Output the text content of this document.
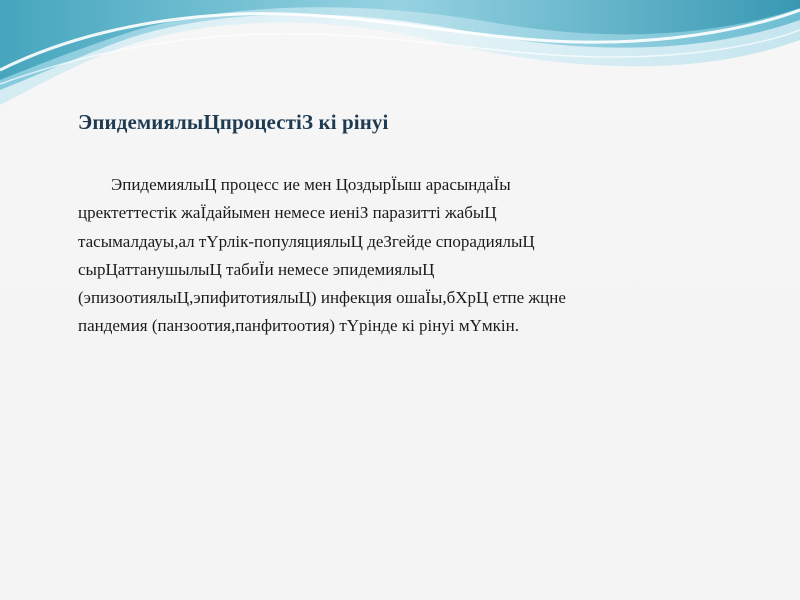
ЭпидемиялыЦпроцестiЗ кi рiнуi
ЭпидемиялыЦ процесс ие мен ЦоздырЇыш арасындаЇы
цректеттестiк жаЇдайымен немесе иенiЗ паразиттi жабыЦ
тасымалдауы,ал тҮрлiк-популяциялыЦ деЗгейде спорадиялыЦ
сырЦаттанушылыЦ табиЇи немесе эпидемиялыЦ
(эпизоотиялыЦ,эпифитотиялыЦ) инфекция ошаЇы,бХрЦ етпе жцне
пандемия (панзоотия,панфитоотия) тҮрiнде кi рiнуi мҮмкiн.
